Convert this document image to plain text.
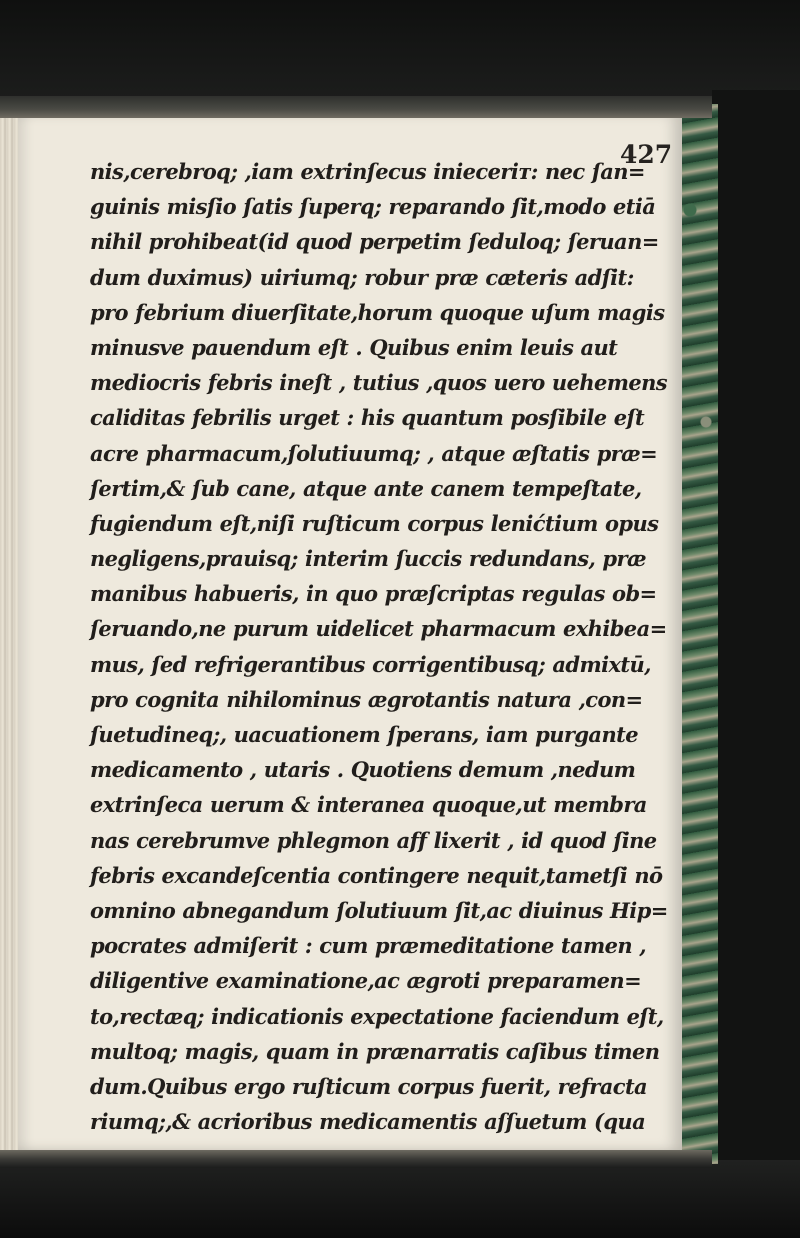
427
nis,cerebroq; ,iam extrinſecus inieceriᴛ: nec ſan=
guinis misſio ſatis ſuperq; reparando ſit,modo etiā
nihil prohibeat(id quod perpetim ſeduloq; ſeruan=
dum duximus) uiriumq; robur præ cæteris adſit:
pro febrium diuerſitate,horum quoque uſum magis
minusve pauendum eſt . Quibus enim leuis aut
mediocris febris ineſt , tutius ,quos uero uehemens
caliditas febrilis urget : his quantum posſibile eſt
acre pharmacum,ſolutiuumq; , atque æſtatis præ=
ſertim,& ſub cane, atque ante canem tempeſtate,
fugiendum eſt,niſi ruſticum corpus lenićtium opus
negligens,prauisq; interim ſuccis redundans, præ
manibus habueris, in quo præſcriptas regulas ob=
ſeruando,ne purum uidelicet pharmacum exhibea=
mus, ſed refrigerantibus corrigentibusq; admixtū,
pro cognita nihilominus ægrotantis natura ,con=
ſuetudineq;, uacuationem ſperans, iam purgante
medicamento , utaris . Quotiens demum ,nedum
extrinſeca uerum & interanea quoque,ut membra
nas cerebrumve phlegmon aff lixerit , id quod ſine
febris excandeſcentia contingere nequit,tametſi nō
omnino abnegandum ſolutiuum ſit,ac diuinus Hip=
pocrates admiſerit : cum præmeditatione tamen ,
diligentive examinatione,ac ægroti preparamen=
to,rectæq; indicationis expectatione faciendum eſt,
multoq; magis, quam in prænarratis caſibus timen
dum.Quibus ergo ruſticum corpus fuerit, refracta
riumq;,& acrioribus medicamentis aſſuetum (qua
